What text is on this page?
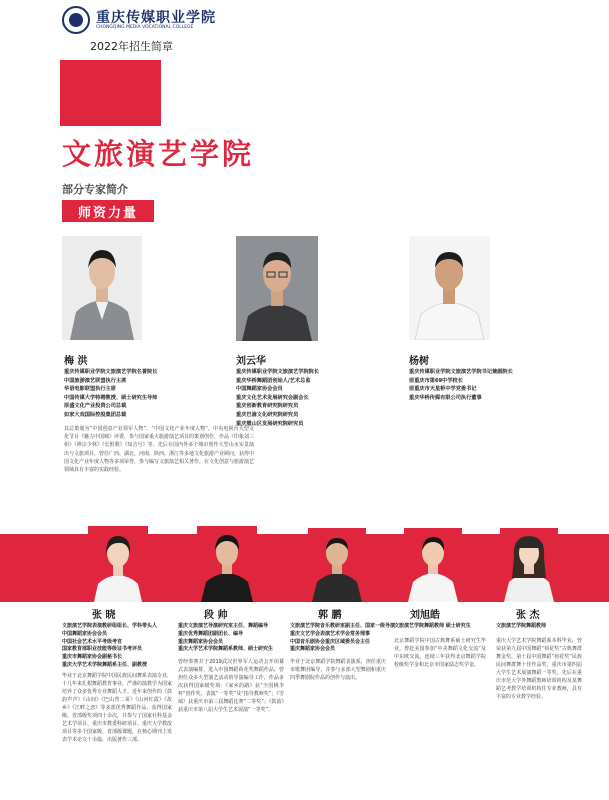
重庆传媒职业学院
CHONGQING MEDIA VOCATIONAL COLLEGE
2022年招生简章
文旅演艺学院
部分专家简介
师资力量
梅 洪
重庆传媒职业学院文旅演艺学院名誉院长
中国旅游演艺联盟执行主席
华语电影联盟执行主席
中国传媒大学特聘教授、硕士研究生导师
原盛文化产业投资公司总裁
如家大戏国际控股集团总裁
其总策划为“中国创意产业领军人物”、“中国文化产业年度人物”，中央电视台大型文化节目《魅力中国城》评委，参与国家重大旅游演艺项目的策划创作，作品《印象刘三姐》《禅宗少林》《长恨歌》《知音号》等，先后在国内外多个城市创作大型山水实景演出与文旅项目，曾任广西、湖北、河南、陕西、浙江等多地文化旅游产业顾问，获得中国文化产业年度人物等多项荣誉，参与编写文旅演艺相关著作，在文化创意与旅游演艺领域具有丰富的实践经验。
刘云华
重庆传媒职业学院文旅演艺学院院长
重庆华桥舞蹈团创始人/艺术总监
中国舞蹈家协会会员
重庆文化艺术发展研究会副会长
重庆创新教育研究院研究员
重庆巴渝文化研究院研究员
重庆璧山区发展研究院研究员
杨树
重庆传媒职业学院文旅演艺学院书记兼副院长
原重庆市第69中学校长
原重庆市天星桥中学党委书记
重庆华桥传媒有限公司执行董事
张 晓	段 帅	郭 鹏	刘旭皓	张 杰
文旅演艺学院表演教研组组长、学科带头人
中国舞蹈家协会会员
中国社会艺术水平考级考官
国家教育部职业技能等级证书考评员
重庆市舞蹈家协会副秘书长
重庆大学艺术学院舞蹈系主任、副教授
毕业于北京舞蹈学院中国民族民间舞系表演专业，十几年来扎根舞蹈教育事业，严谨的演教学为国家培养了众多优秀专业舞蹈人才。近年来创作的《鼓韵声声》《山间》《巴山背二哥》《山河红霞》《故乡》《江畔之恋》等多部优秀舞蹈作品，获得国家级、省部级奖项四十余次，并参与了国家社科基金艺术学项目、重庆市教委科研项目、重庆大学教改项目等多个国家级、省部级课题，在核心期刊上发表学术论文十余篇，出版著作三部。
重庆文旅演艺导演研究室主任、舞蹈编导
重庆优秀舞蹈团副团长、编导
重庆舞蹈家协会会员
重庆大学艺术学院舞蹈系教师、硕士研究生
曾经参赛并于2019武汉世界军人运动会开闭幕式表演编排，进入中国舞蹈荷花奖舞蹈作品，曾担任众多大型演艺活动的导演编导工作，作品多次获得国家级奖项：《家乡的路》获“全国桃李杯”创作奖、表演“一等奖”及“指导教师奖”；《雪域》获重庆市第三届舞蹈比赛“二等奖”；《鼓韵》获重庆市第八届大学生艺术展演“一等奖”。
文旅演艺学院音乐教研室副主任、国家一级导演
重庆文艺学会表演艺术学会常务理事
中国音乐剧协会重庆区域委员会主任
重庆舞蹈家协会会员
毕业于北京舞蹈学院舞蹈表演系，担任重庆市歌舞团编导，并参与多部大型舞剧和重庆四季舞剧院作品的创作与演出。
文旅演艺学院舞蹈教师 硕士研究生
北京舞蹈学院中国古典舞系硕士研究生毕业，曾赴美国参加“中美舞蹈文化交流”及中东欧交流，连续三年获得北京舞蹈学院校级奖学金和北京市国家励志奖学金。
文旅演艺学院舞蹈教师
重庆大学艺术学院舞蹈系本科毕业，曾荣获第九届中国舞蹈“荷花奖”古典舞群舞金奖、第十届中国舞蹈“荷花奖”民族民间舞群舞十佳作品奖，重庆市第四届大学生艺术展演舞蹈一等奖。先后在重庆市范大学外舞蹈教师培训机构及某舞蹈艺考教学培训机构任专业教师，具有丰富的专业教学经验。
